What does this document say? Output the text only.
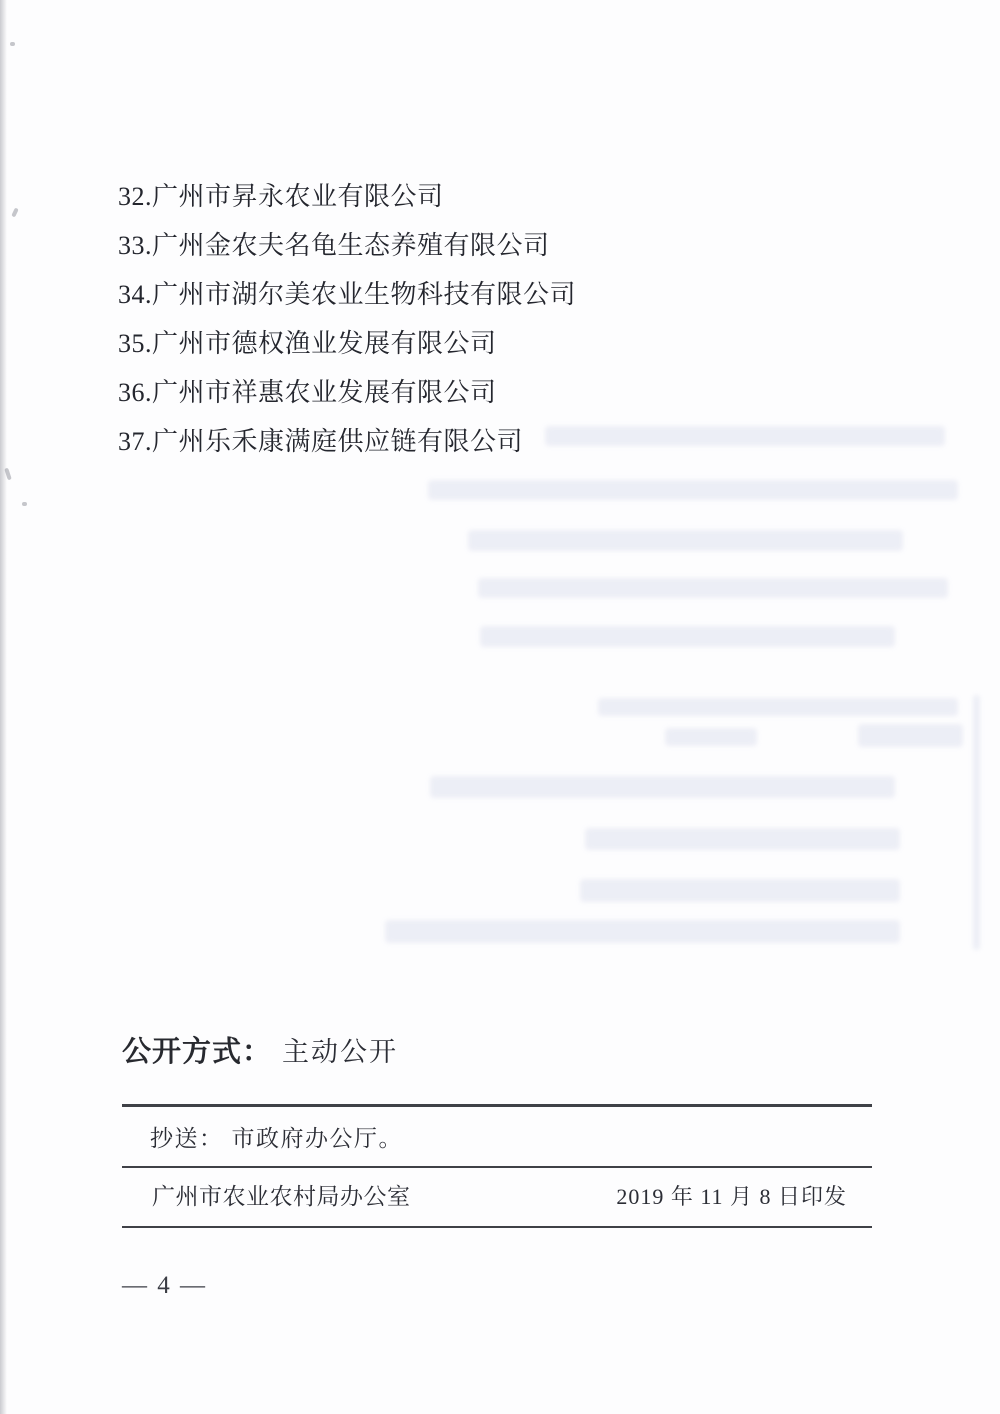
32.广州市昇永农业有限公司
33.广州金农夫名龟生态养殖有限公司
34.广州市湖尔美农业生物科技有限公司
35.广州市德权渔业发展有限公司
36.广州市祥惠农业发展有限公司
37.广州乐禾康满庭供应链有限公司
公开方式： 主动公开
抄送： 市政府办公厅。
广州市农业农村局办公室	2019 年 11 月 8 日印发
— 4 —
